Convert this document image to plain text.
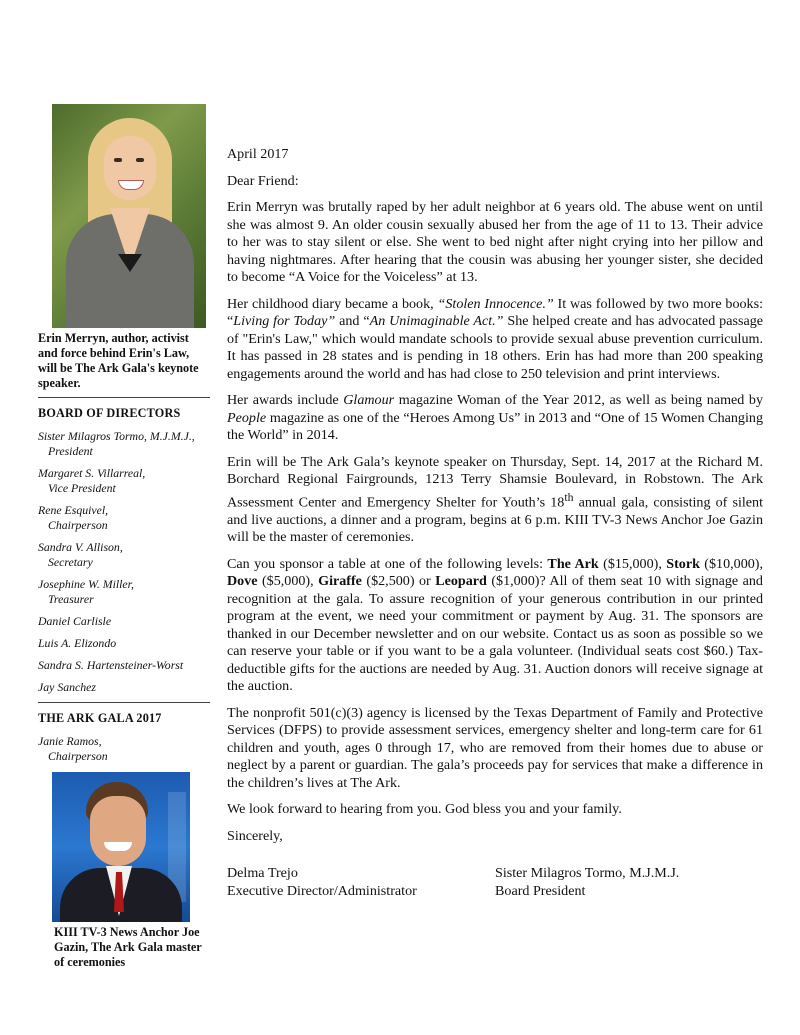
Erin Merryn, author, activist and force behind Erin's Law, will be The Ark Gala's keynote speaker.
BOARD OF DIRECTORS
Sister Milagros Tormo, M.J.M.J.,
President
Margaret S. Villarreal,
Vice President
Rene Esquivel,
Chairperson
Sandra V. Allison,
Secretary
Josephine W. Miller,
Treasurer
Daniel Carlisle
Luis A. Elizondo
Sandra S. Hartensteiner-Worst
Jay Sanchez
THE ARK GALA 2017
Janie Ramos,
Chairperson
KIII TV-3 News Anchor Joe Gazin, The Ark Gala master of ceremonies

April 2017

Dear Friend:

Erin Merryn was brutally raped by her adult neighbor at 6 years old. The abuse went on until she was almost 9. An older cousin sexually abused her from the age of 11 to 13. Their advice to her was to stay silent or else. She went to bed night after night crying into her pillow and having nightmares. After hearing that the cousin was abusing her younger sister, she decided to become “A Voice for the Voiceless” at 13.

Her childhood diary became a book, “Stolen Innocence.” It was followed by two more books: “Living for Today” and “An Unimaginable Act.” She helped create and has advocated passage of "Erin's Law," which would mandate schools to provide sexual abuse prevention curriculum. It has passed in 28 states and is pending in 18 others. Erin has had more than 200 speaking engagements around the world and has had close to 250 television and print interviews.

Her awards include Glamour magazine Woman of the Year 2012, as well as being named by People magazine as one of the “Heroes Among Us” in 2013 and “One of 15 Women Changing the World” in 2014.

Erin will be The Ark Gala’s keynote speaker on Thursday, Sept. 14, 2017 at the Richard M. Borchard Regional Fairgrounds, 1213 Terry Shamsie Boulevard, in Robstown. The Ark Assessment Center and Emergency Shelter for Youth’s 18th annual gala, consisting of silent and live auctions, a dinner and a program, begins at 6 p.m. KIII TV-3 News Anchor Joe Gazin will be the master of ceremonies.

Can you sponsor a table at one of the following levels: The Ark ($15,000), Stork ($10,000), Dove ($5,000), Giraffe ($2,500) or Leopard ($1,000)? All of them seat 10 with signage and recognition at the gala. To assure recognition of your generous contribution in our printed program at the event, we need your commitment or payment by Aug. 31. The sponsors are thanked in our December newsletter and on our website. Contact us as soon as possible so we can reserve your table or if you want to be a gala volunteer. (Individual seats cost $60.) Tax-deductible gifts for the auctions are needed by Aug. 31. Auction donors will receive signage at the auction.

The nonprofit 501(c)(3) agency is licensed by the Texas Department of Family and Protective Services (DFPS) to provide assessment services, emergency shelter and long-term care for 61 children and youth, ages 0 through 17, who are removed from their homes due to abuse or neglect by a parent or guardian. The gala’s proceeds pay for services that make a difference in the children’s lives at The Ark.

We look forward to hearing from you. God bless you and your family.

Sincerely,

Delma Trejo
Executive Director/Administrator
Sister Milagros Tormo, M.J.M.J.
Board President
